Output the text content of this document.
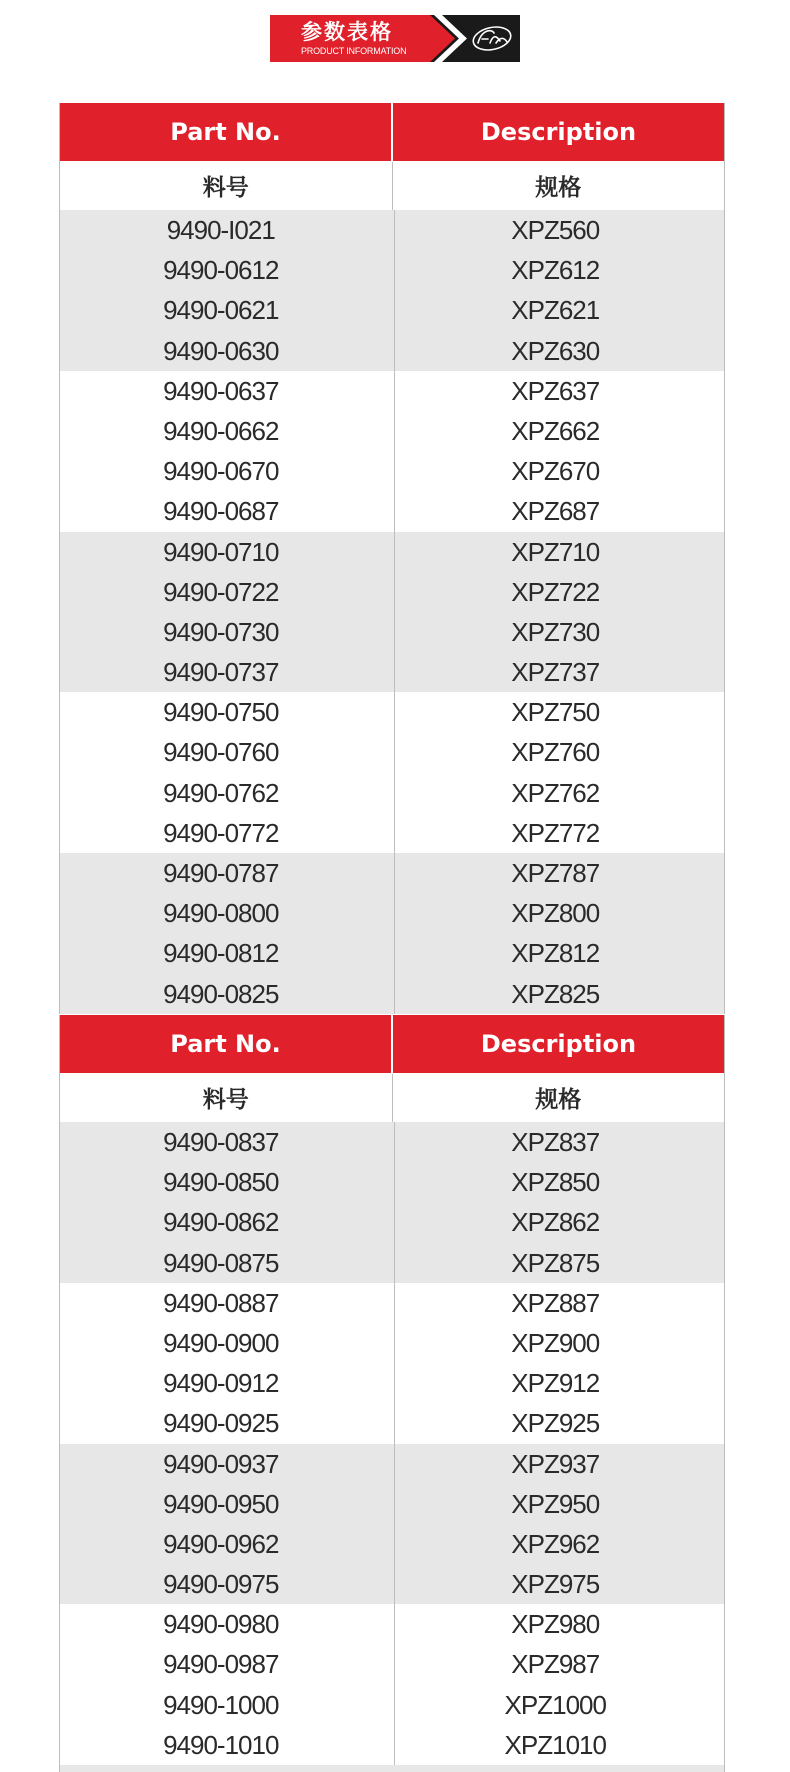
参数表格
PRODUCT INFORMATION
Part No.	Description
料号	规格
9490-I021	XPZ560
9490-0612	XPZ612
9490-0621	XPZ621
9490-0630	XPZ630
9490-0637	XPZ637
9490-0662	XPZ662
9490-0670	XPZ670
9490-0687	XPZ687
9490-0710	XPZ710
9490-0722	XPZ722
9490-0730	XPZ730
9490-0737	XPZ737
9490-0750	XPZ750
9490-0760	XPZ760
9490-0762	XPZ762
9490-0772	XPZ772
9490-0787	XPZ787
9490-0800	XPZ800
9490-0812	XPZ812
9490-0825	XPZ825
Part No.	Description
料号	规格
9490-0837	XPZ837
9490-0850	XPZ850
9490-0862	XPZ862
9490-0875	XPZ875
9490-0887	XPZ887
9490-0900	XPZ900
9490-0912	XPZ912
9490-0925	XPZ925
9490-0937	XPZ937
9490-0950	XPZ950
9490-0962	XPZ962
9490-0975	XPZ975
9490-0980	XPZ980
9490-0987	XPZ987
9490-1000	XPZ1000
9490-1010	XPZ1010
